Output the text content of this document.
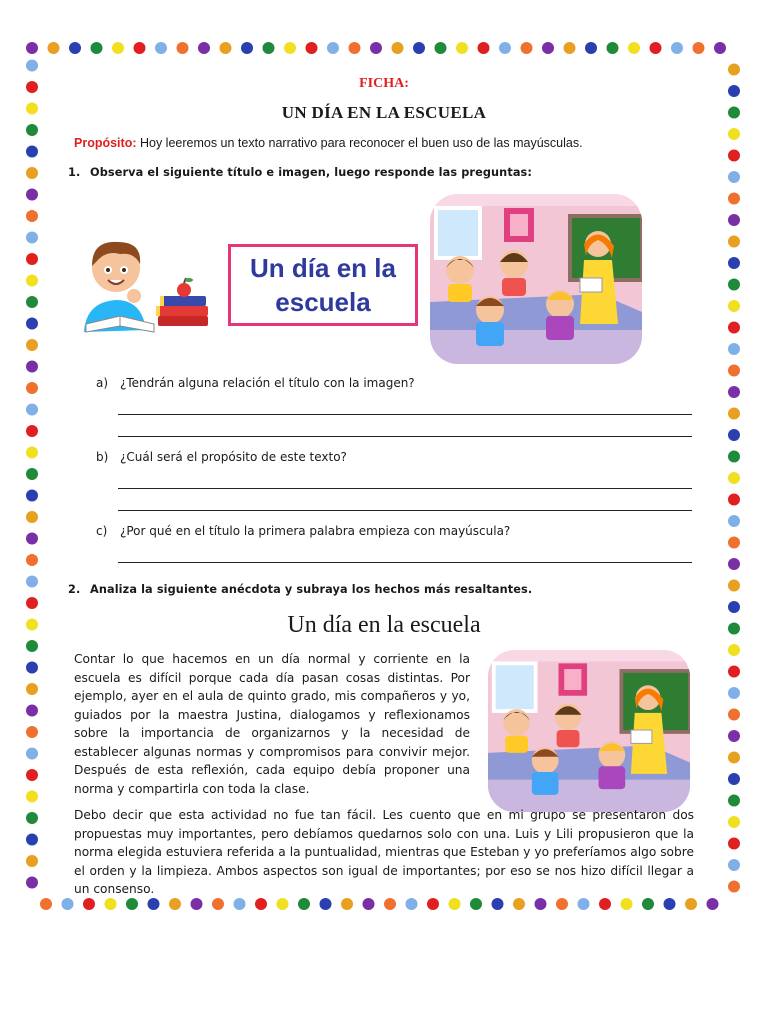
FICHA:
UN DÍA EN LA ESCUELA
Propósito: Hoy leeremos un texto narrativo para reconocer el buen uso de las mayúsculas.
1. Observa el siguiente título e imagen, luego responde las preguntas:
Un día en la escuela
a) ¿Tendrán alguna relación el título con la imagen?
b) ¿Cuál será el propósito de este texto?
c) ¿Por qué en el título la primera palabra empieza con mayúscula?
2. Analiza la siguiente anécdota y subraya los hechos más resaltantes.
Un día en la escuela
Contar lo que hacemos en un día normal y corriente en la escuela es difícil porque cada día pasan cosas distintas. Por ejemplo, ayer en el aula de quinto grado, mis compañeros y yo, guiados por la maestra Justina, dialogamos y reflexionamos sobre la importancia de organizarnos y la necesidad de establecer algunas normas y compromisos para convivir mejor. Después de esta reflexión, cada equipo debía proponer una norma y compartirla con toda la clase.
Debo decir que esta actividad no fue tan fácil. Les cuento que en mi grupo se presentaron dos propuestas muy importantes, pero debíamos quedarnos solo con una. Luis y Lili propusieron que la norma elegida estuviera referida a la puntualidad, mientras que Esteban y yo preferíamos algo sobre el orden y la limpieza. Ambos aspectos son igual de importantes; por eso se nos hizo difícil llegar a un consenso.
